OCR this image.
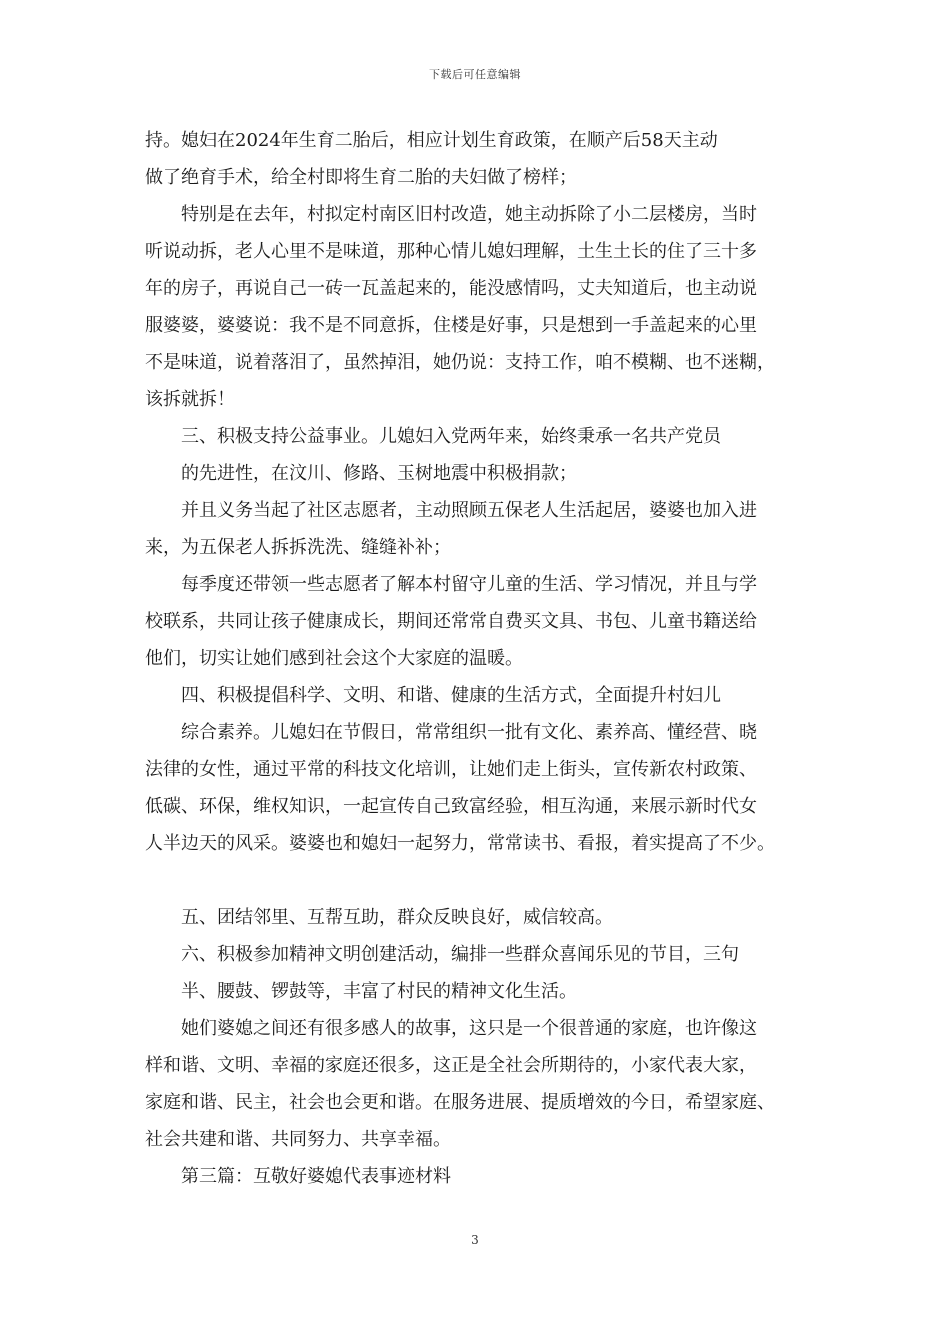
下载后可任意编辑

持。媳妇在2024年生育二胎后，相应计划生育政策，在顺产后58天主动

做了绝育手术，给全村即将生育二胎的夫妇做了榜样；

特别是在去年，村拟定村南区旧村改造，她主动拆除了小二层楼房，当时

听说动拆，老人心里不是味道，那种心情儿媳妇理解，土生土长的住了三十多

年的房子，再说自己一砖一瓦盖起来的，能没感情吗，丈夫知道后，也主动说

服婆婆，婆婆说：我不是不同意拆，住楼是好事，只是想到一手盖起来的心里

不是味道，说着落泪了，虽然掉泪，她仍说：支持工作，咱不模糊、也不迷糊，

该拆就拆！

三、积极支持公益事业。儿媳妇入党两年来，始终秉承一名共产党员

的先进性，在汶川、修路、玉树地震中积极捐款；

并且义务当起了社区志愿者，主动照顾五保老人生活起居，婆婆也加入进

来，为五保老人拆拆洗洗、缝缝补补；

每季度还带领一些志愿者了解本村留守儿童的生活、学习情况，并且与学

校联系，共同让孩子健康成长，期间还常常自费买文具、书包、儿童书籍送给

他们，切实让她们感到社会这个大家庭的温暖。

四、积极提倡科学、文明、和谐、健康的生活方式，全面提升村妇儿

综合素养。儿媳妇在节假日，常常组织一批有文化、素养高、懂经营、晓

法律的女性，通过平常的科技文化培训，让她们走上街头，宣传新农村政策、

低碳、环保，维权知识，一起宣传自己致富经验，相互沟通，来展示新时代女

人半边天的风采。婆婆也和媳妇一起努力，常常读书、看报，着实提高了不少。

五、团结邻里、互帮互助，群众反映良好，威信较高。

六、积极参加精神文明创建活动，编排一些群众喜闻乐见的节目，三句

半、腰鼓、锣鼓等，丰富了村民的精神文化生活。

她们婆媳之间还有很多感人的故事，这只是一个很普通的家庭，也许像这

样和谐、文明、幸福的家庭还很多，这正是全社会所期待的，小家代表大家，

家庭和谐、民主，社会也会更和谐。在服务进展、提质增效的今日，希望家庭、

社会共建和谐、共同努力、共享幸福。

第三篇：互敬好婆媳代表事迹材料

3
